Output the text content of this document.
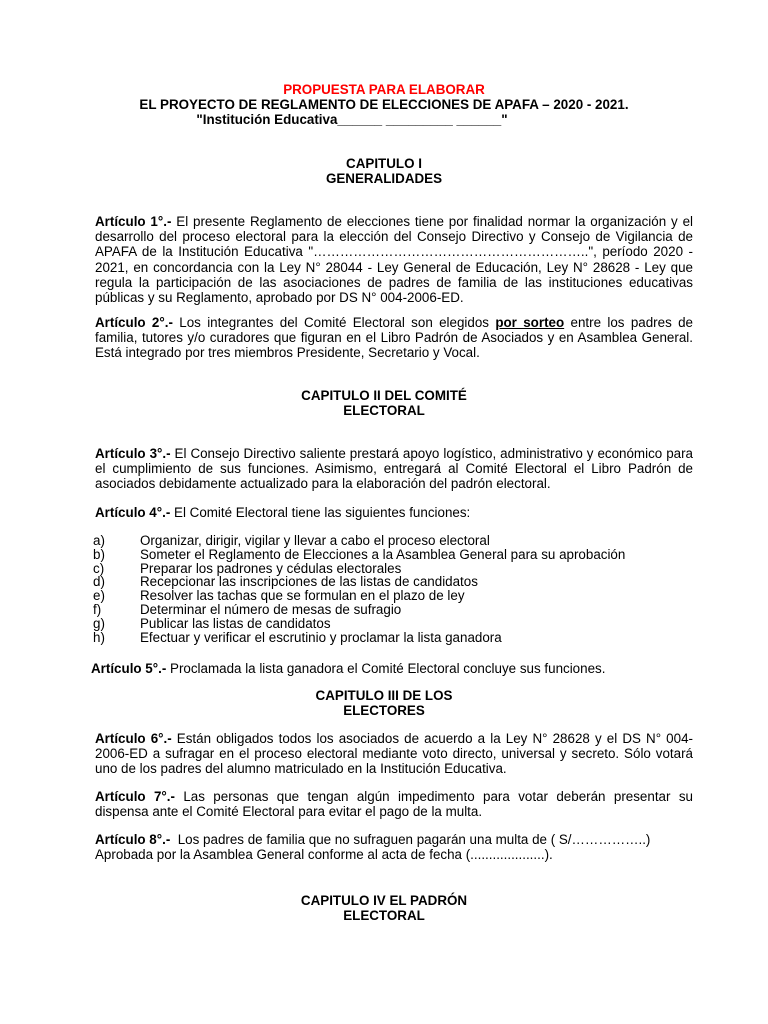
PROPUESTA PARA ELABORAR
EL PROYECTO DE REGLAMENTO DE ELECCIONES DE APAFA – 2020 - 2021.
"Institución Educativa______ _________ ______"
CAPITULO I
GENERALIDADES
Artículo 1°.- El presente Reglamento de elecciones tiene por finalidad normar la organización y el desarrollo del proceso electoral para la elección del Consejo Directivo y Consejo de Vigilancia de APAFA de la Institución Educativa "……………………………………………………..", período 2020 - 2021, en concordancia con la Ley N° 28044 - Ley General de Educación, Ley N° 28628 - Ley que regula la participación de las asociaciones de padres de familia de las instituciones educativas públicas y su Reglamento, aprobado por DS N° 004-2006-ED.
Artículo 2°.- Los integrantes del Comité Electoral son elegidos por sorteo entre los padres de familia, tutores y/o curadores que figuran en el Libro Padrón de Asociados y en Asamblea General. Está integrado por tres miembros Presidente, Secretario y Vocal.
CAPITULO II DEL COMITÉ
ELECTORAL
Artículo 3°.- El Consejo Directivo saliente prestará apoyo logístico, administrativo y económico para el cumplimiento de sus funciones. Asimismo, entregará al Comité Electoral el Libro Padrón de asociados debidamente actualizado para la elaboración del padrón electoral.
Artículo 4°.- El Comité Electoral tiene las siguientes funciones:
a)	Organizar, dirigir, vigilar y llevar a cabo el proceso electoral
b)	Someter el Reglamento de Elecciones a la Asamblea General para su aprobación
c)	Preparar los padrones y cédulas electorales
d)	Recepcionar las inscripciones de las listas de candidatos
e)	Resolver las tachas que se formulan en el plazo de ley
f)	Determinar el número de mesas de sufragio
g)	Publicar las listas de candidatos
h)	Efectuar y verificar el escrutinio y proclamar la lista ganadora
Artículo 5°.- Proclamada la lista ganadora el Comité Electoral concluye sus funciones.
CAPITULO III DE LOS
ELECTORES
Artículo 6°.- Están obligados todos los asociados de acuerdo a la Ley N° 28628 y el DS N° 004-2006-ED a sufragar en el proceso electoral mediante voto directo, universal y secreto. Sólo votará uno de los padres del alumno matriculado en la Institución Educativa.
Artículo 7°.- Las personas que tengan algún impedimento para votar deberán presentar su dispensa ante el Comité Electoral para evitar el pago de la multa.
Artículo 8°.-  Los padres de familia que no sufraguen pagarán una multa de ( S/……………..)
Aprobada por la Asamblea General conforme al acta de fecha (....................).
CAPITULO IV EL PADRÓN
ELECTORAL
